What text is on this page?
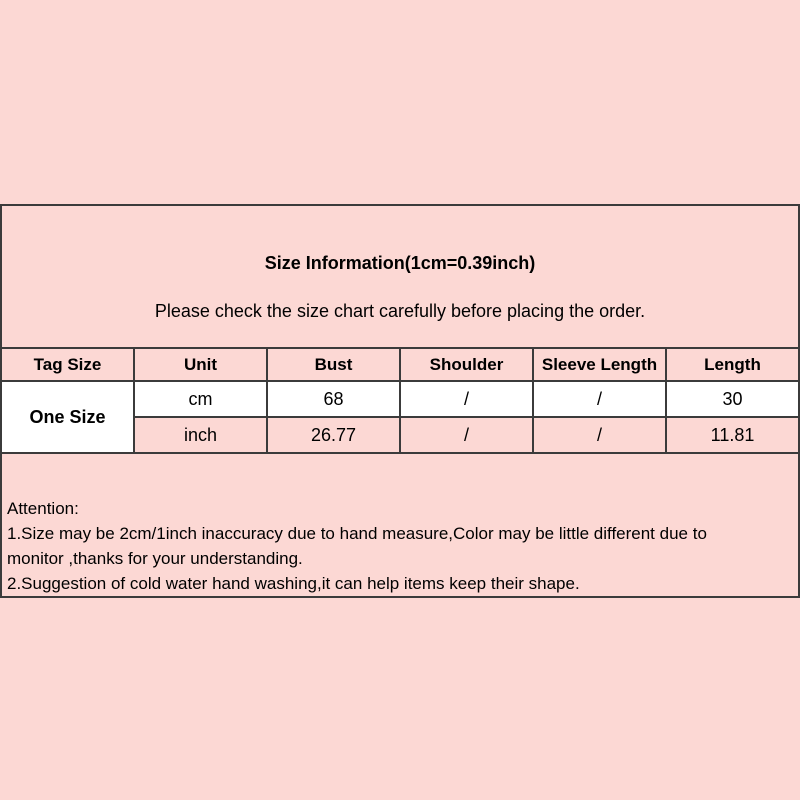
Size Information(1cm=0.39inch)
Please check the size chart carefully before placing the order.
Tag Size	Unit	Bust	Shoulder	Sleeve Length	Length
One Size	cm	68	/	/	30
	inch	26.77	/	/	11.81
Attention:
1.Size may be 2cm/1inch inaccuracy due to hand measure,Color may be little different due to monitor ,thanks for your understanding.
2.Suggestion of cold water hand washing,it can help items keep their shape.
